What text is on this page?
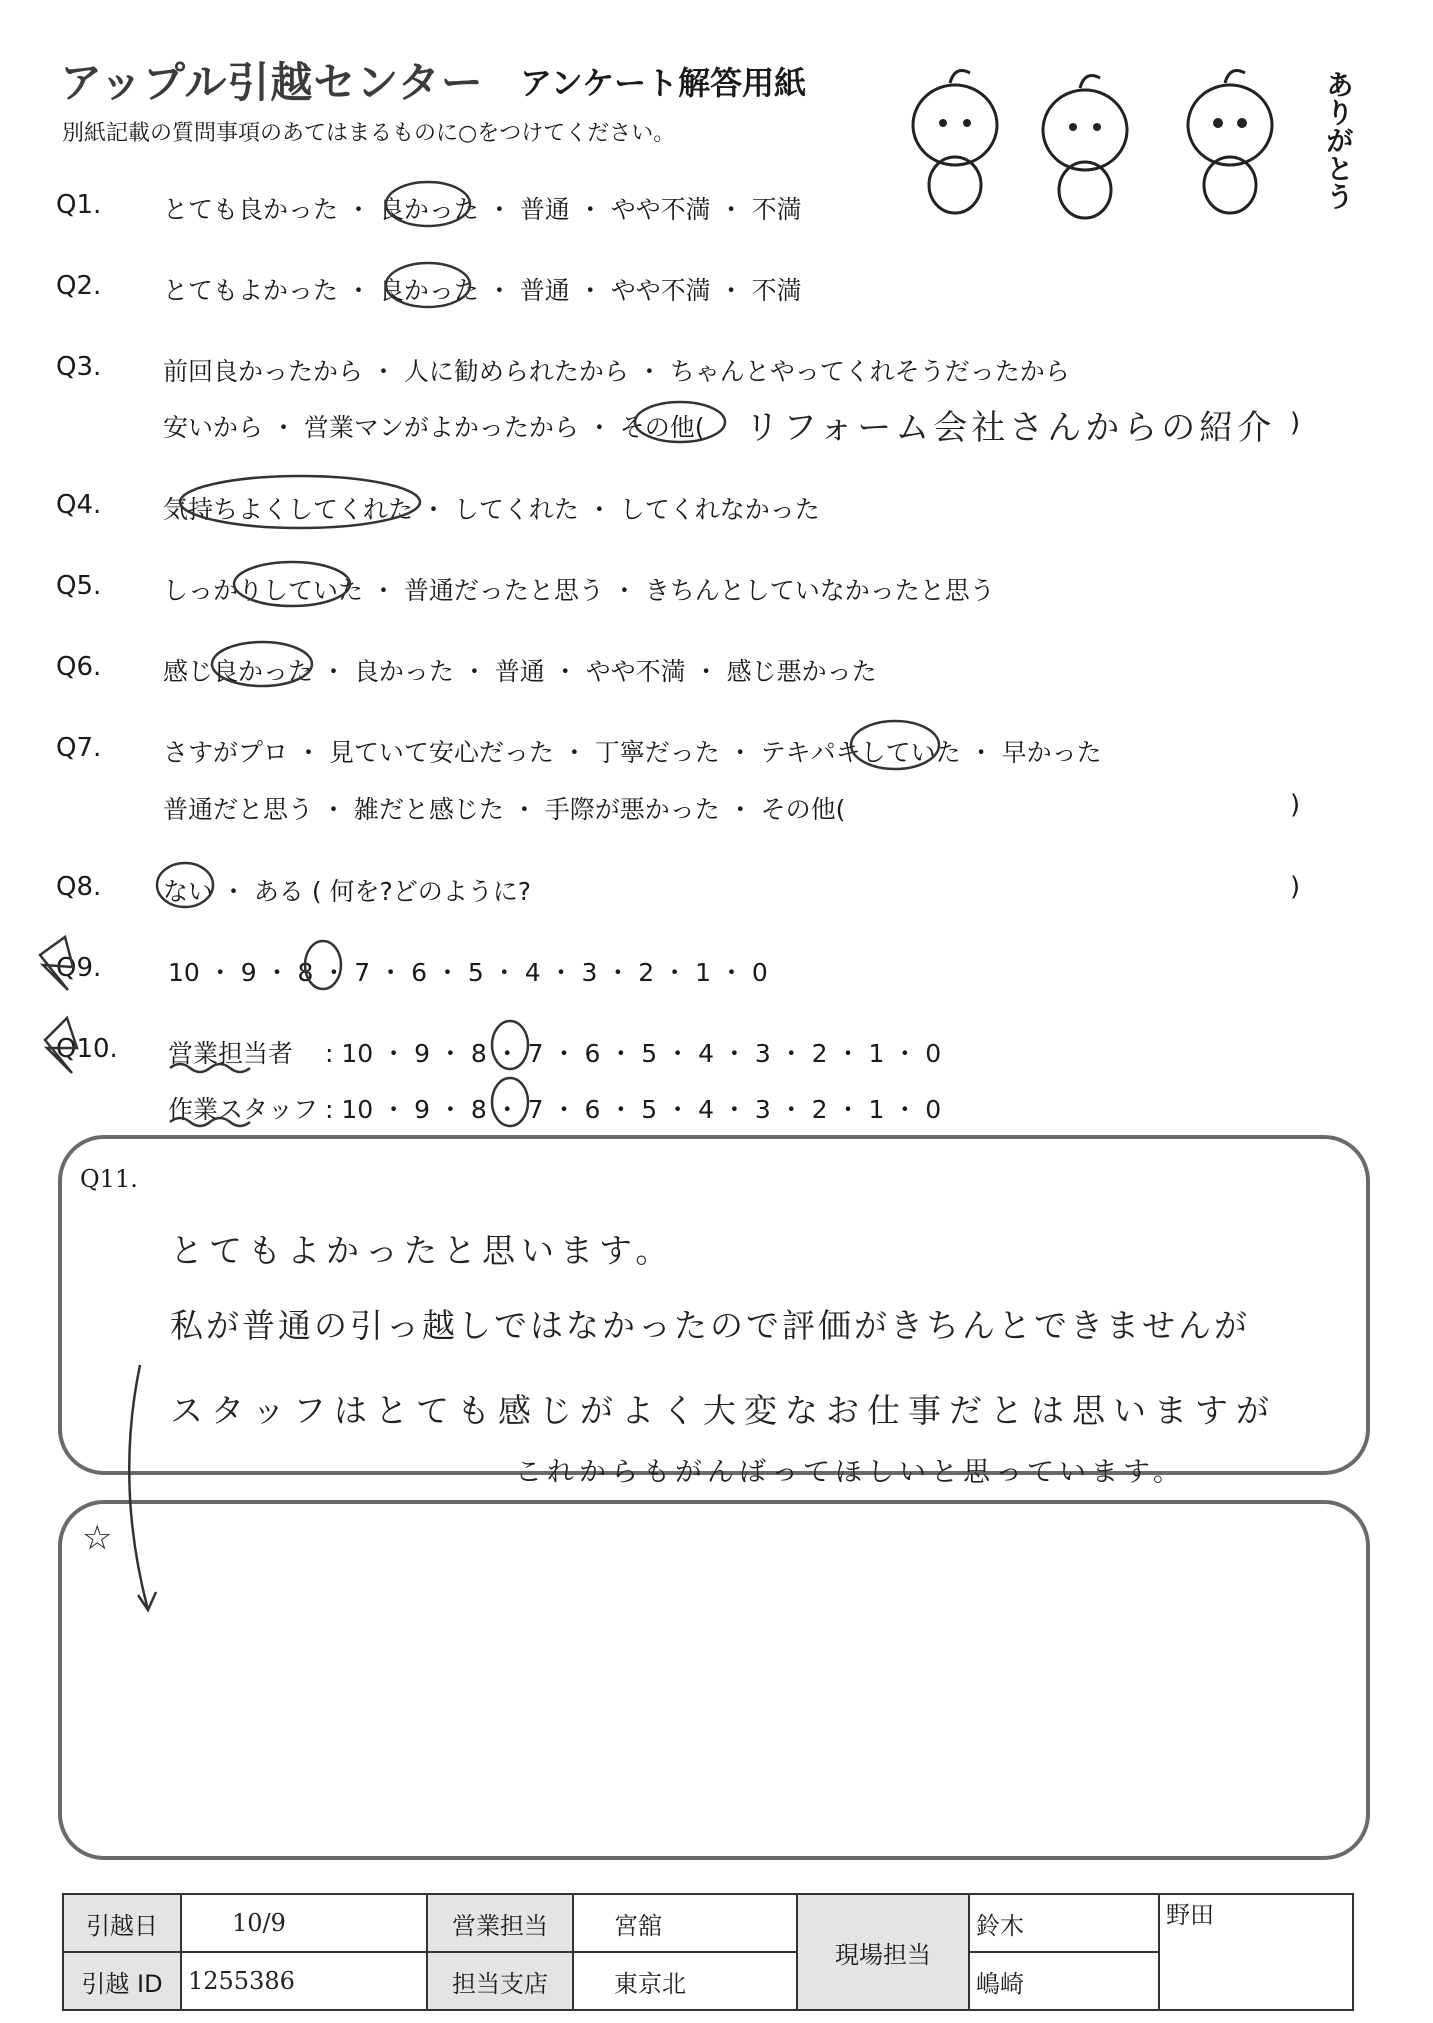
アップル引越センター アンケート解答用紙
別紙記載の質問事項のあてはまるものに○をつけてください。	ありがとう
Q1. とても良かった ・ 良かった ・ 普通 ・ やや不満 ・ 不満
Q2. とてもよかった ・ 良かった ・ 普通 ・ やや不満 ・ 不満
Q3. 前回良かったから ・ 人に勧められたから ・ ちゃんとやってくれそうだったから
安いから ・ 営業マンがよかったから ・ その他( リフォーム会社さんからの紹介 )
Q4. 気持ちよくしてくれた ・ してくれた ・ してくれなかった
Q5. しっかりしていた ・ 普通だったと思う ・ きちんとしていなかったと思う
Q6. 感じ良かった ・ 良かった ・ 普通 ・ やや不満 ・ 感じ悪かった
Q7. さすがプロ ・ 見ていて安心だった ・ 丁寧だった ・ テキパキしていた ・ 早かった
普通だと思う ・ 雑だと感じた ・ 手際が悪かった ・ その他(	)
Q8. ない ・ ある ( 何を?どのように?	)
Q9.	10 ・ 9 ・ 8 ・ 7 ・ 6 ・ 5 ・ 4 ・ 3 ・ 2 ・ 1 ・ 0
Q10. 営業担当者 : 10 ・ 9 ・ 8 ・ 7 ・ 6 ・ 5 ・ 4 ・ 3 ・ 2 ・ 1 ・ 0
作業スタッフ : 10 ・ 9 ・ 8 ・ 7 ・ 6 ・ 5 ・ 4 ・ 3 ・ 2 ・ 1 ・ 0
Q11.
とてもよかったと思います。
私が普通の引っ越しではなかったので評価がきちんとできませんが
スタッフはとても感じがよく大変なお仕事だとは思いますが
これからもがんばってほしいと思っています。
☆
引越日	10/9	営業担当	宮舘	現場担当	鈴木	野田
引越 ID	1255386	担当支店	東京北		嶋崎	
